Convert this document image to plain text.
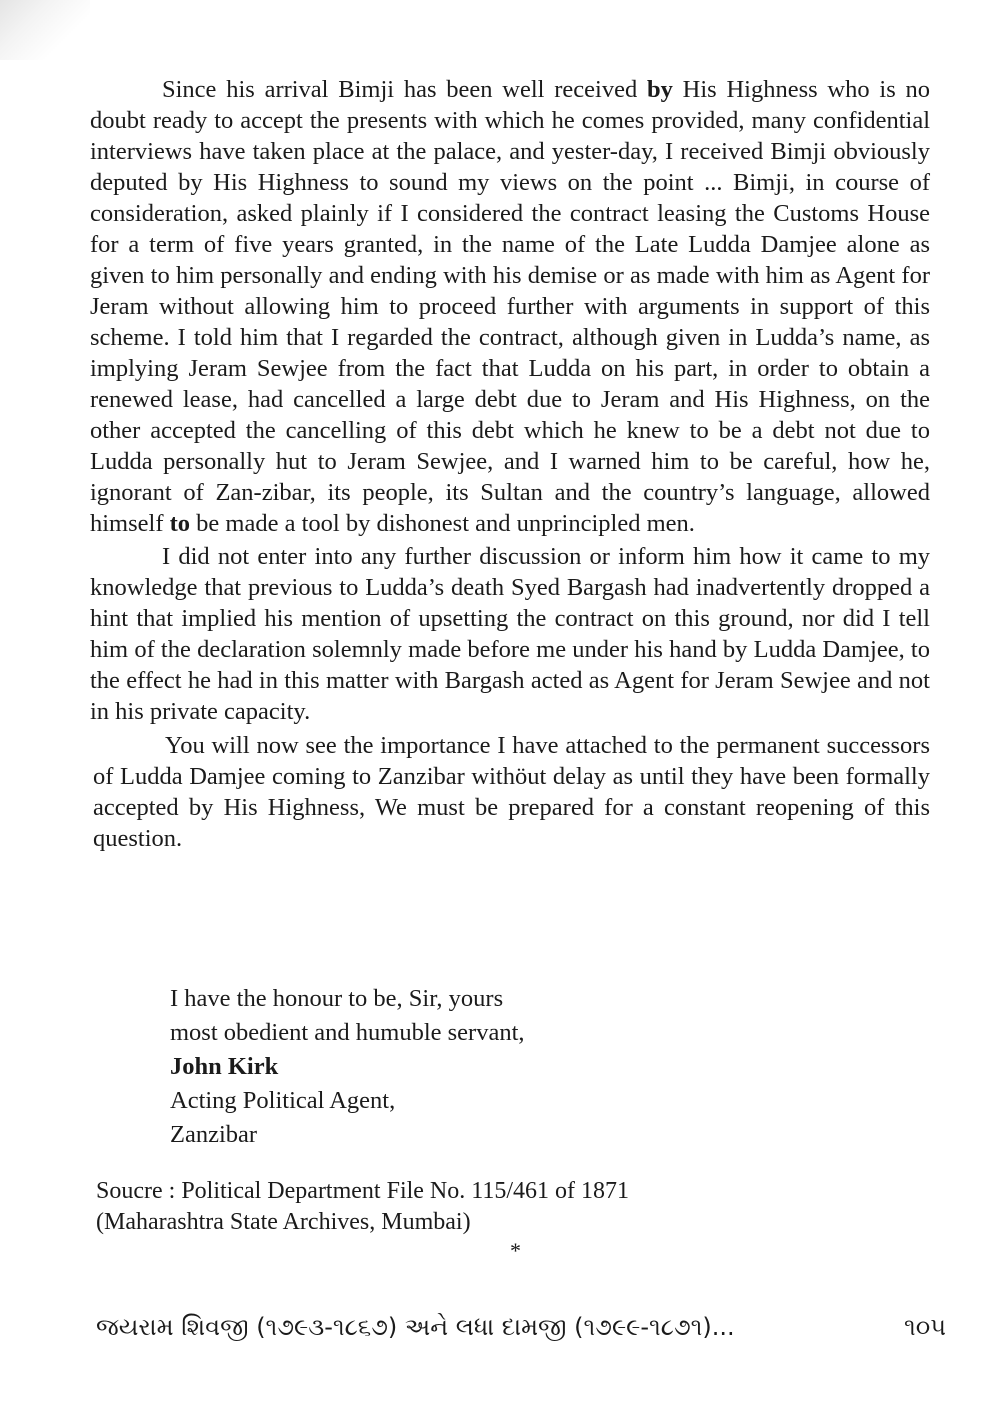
Since his arrival Bimji has been well received by His Highness who is no doubt ready to accept the presents with which he comes provided, many confidential interviews have taken place at the palace, and yester-day, I received Bimji obviously deputed by His Highness to sound my views on the point ... Bimji, in course of consideration, asked plainly if I considered the contract leasing the Customs House for a term of five years granted, in the name of the Late Ludda Damjee alone as given to him personally and ending with his demise or as made with him as Agent for Jeram without allowing him to proceed further with arguments in support of this scheme. I told him that I regarded the contract, although given in Ludda’s name, as implying Jeram Sewjee from the fact that Ludda on his part, in order to obtain a renewed lease, had cancelled a large debt due to Jeram and His Highness, on the other accepted the cancelling of this debt which he knew to be a debt not due to Ludda personally hut to Jeram Sewjee, and I warned him to be careful, how he, ignorant of Zan-zibar, its people, its Sultan and the country’s language, allowed himself to be made a tool by dishonest and unprincipled men.

I did not enter into any further discussion or inform him how it came to my knowledge that previous to Ludda’s death Syed Bargash had inadvertently dropped a hint that implied his mention of upsetting the contract on this ground, nor did I tell him of the declaration solemnly made before me under his hand by Ludda Damjee, to the effect he had in this matter with Bargash acted as Agent for Jeram Sewjee and not in his private capacity.

You will now see the importance I have attached to the permanent successors of Ludda Damjee coming to Zanzibar withöut delay as until they have been formally accepted by His Highness, We must be prepared for a constant reopening of this question.

I have the honour to be, Sir, yours
most obedient and humuble servant,
John Kirk
Acting Political Agent,
Zanzibar
Soucre : Political Department File No. 115/461 of 1871
(Maharashtra State Archives, Mumbai)
*
જયરામ શિવજી (૧૭૯૩-૧૮૬૭) અને લધા દામજી (૧૭૯૯-૧૮૭૧)...	૧૦૫
